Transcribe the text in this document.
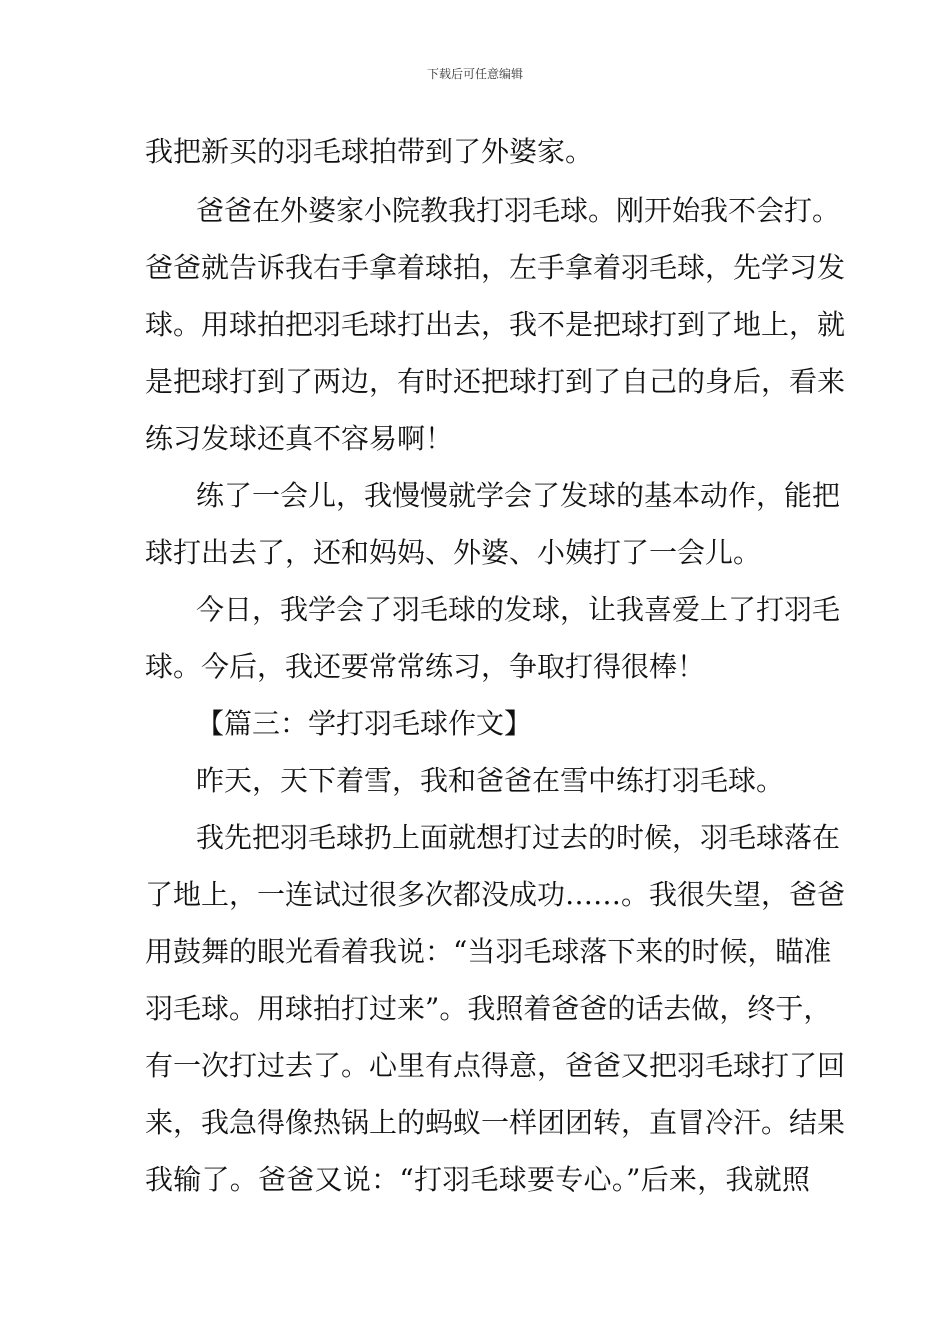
下载后可任意编辑
我把新买的羽毛球拍带到了外婆家。
爸爸在外婆家小院教我打羽毛球。刚开始我不会打。
爸爸就告诉我右手拿着球拍，左手拿着羽毛球，先学习发
球。用球拍把羽毛球打出去，我不是把球打到了地上，就
是把球打到了两边，有时还把球打到了自己的身后，看来
练习发球还真不容易啊！
练了一会儿，我慢慢就学会了发球的基本动作，能把
球打出去了，还和妈妈、外婆、小姨打了一会儿。
今日，我学会了羽毛球的发球，让我喜爱上了打羽毛
球。今后，我还要常常练习，争取打得很棒！
【篇三：学打羽毛球作文】
昨天，天下着雪，我和爸爸在雪中练打羽毛球。
我先把羽毛球扔上面就想打过去的时候，羽毛球落在
了地上，一连试过很多次都没成功……。我很失望，爸爸
用鼓舞的眼光看着我说：“当羽毛球落下来的时候，瞄准
羽毛球。用球拍打过来”。我照着爸爸的话去做，终于，
有一次打过去了。心里有点得意，爸爸又把羽毛球打了回
来，我急得像热锅上的蚂蚁一样团团转，直冒冷汗。结果
我输了。爸爸又说：“打羽毛球要专心。”后来，我就照
